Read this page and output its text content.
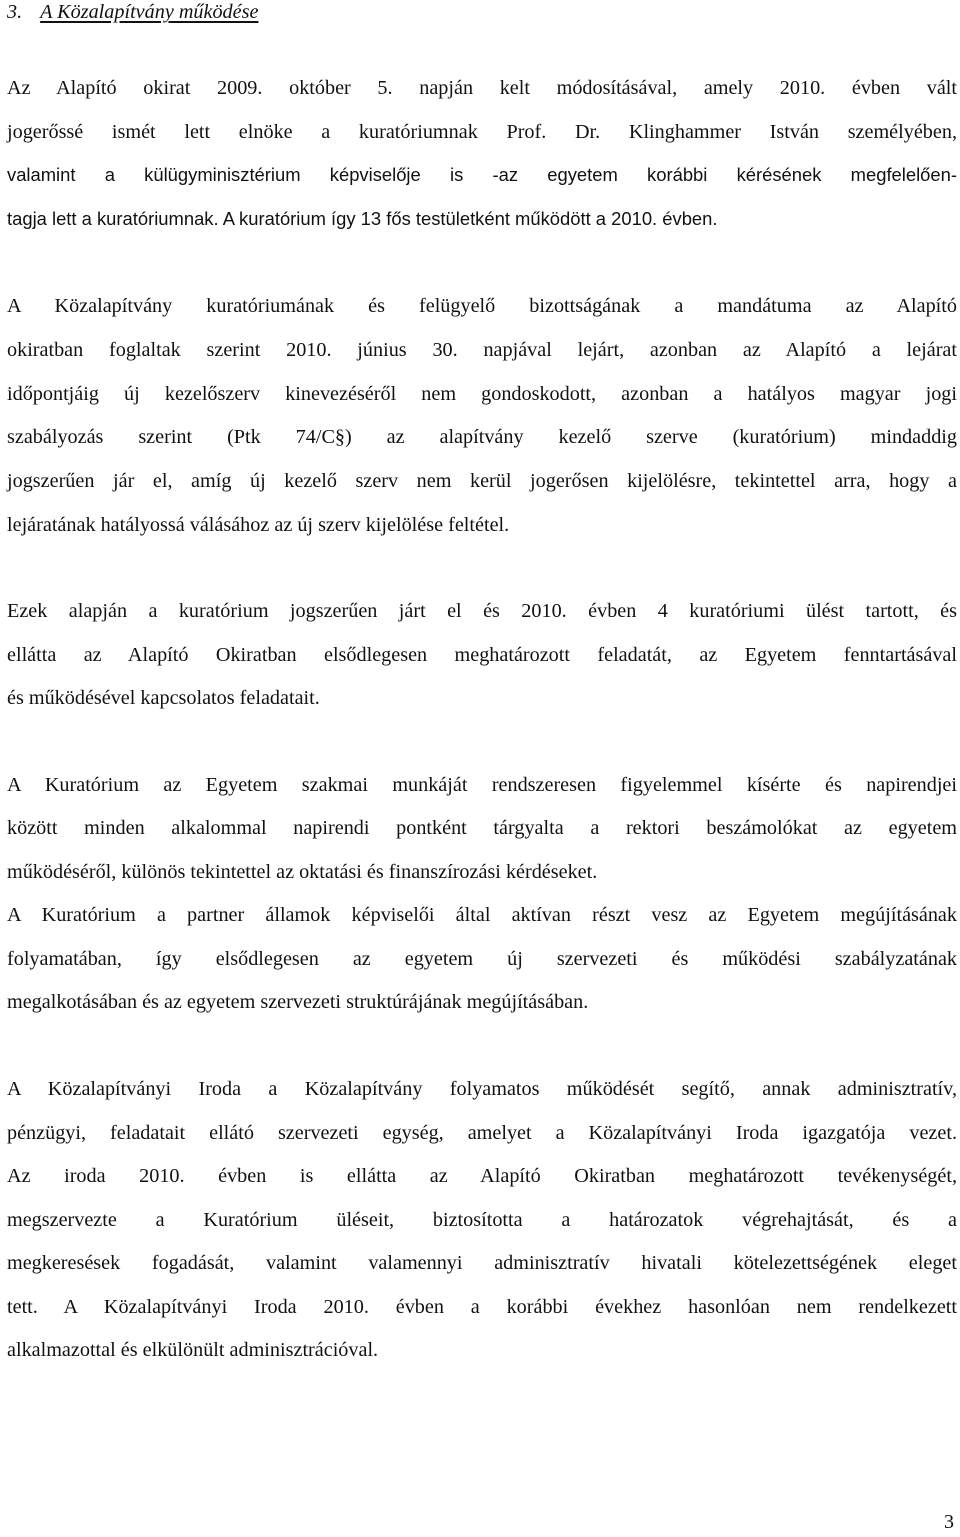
3. A Közalapítvány működése
Az Alapító okirat 2009. október 5. napján kelt módosításával, amely 2010. évben vált
jogerőssé ismét lett elnöke a kuratóriumnak Prof. Dr. Klinghammer István személyében,
valamint a külügyminisztérium képviselője is -az egyetem korábbi kérésének megfelelően-
tagja lett a kuratóriumnak. A kuratórium így 13 fős testületként működött a 2010. évben.
A Közalapítvány kuratóriumának és felügyelő bizottságának a mandátuma az Alapító
okiratban foglaltak szerint 2010. június 30. napjával lejárt, azonban az Alapító a lejárat
időpontjáig új kezelőszerv kinevezéséről nem gondoskodott, azonban a hatályos magyar jogi
szabályozás szerint (Ptk 74/C§) az alapítvány kezelő szerve (kuratórium) mindaddig
jogszerűen jár el, amíg új kezelő szerv nem kerül jogerősen kijelölésre, tekintettel arra, hogy a
lejáratának hatályossá válásához az új szerv kijelölése feltétel.
Ezek alapján a kuratórium jogszerűen járt el és 2010. évben 4 kuratóriumi ülést tartott, és
ellátta az Alapító Okiratban elsődlegesen meghatározott feladatát, az Egyetem fenntartásával
és működésével kapcsolatos feladatait.
A Kuratórium az Egyetem szakmai munkáját rendszeresen figyelemmel kísérte és napirendjei
között minden alkalommal napirendi pontként tárgyalta a rektori beszámolókat az egyetem
működéséről, különös tekintettel az oktatási és finanszírozási kérdéseket.
A Kuratórium a partner államok képviselői által aktívan részt vesz az Egyetem megújításának
folyamatában, így elsődlegesen az egyetem új szervezeti és működési szabályzatának
megalkotásában és az egyetem szervezeti struktúrájának megújításában.
A Közalapítványi Iroda a Közalapítvány folyamatos működését segítő, annak adminisztratív,
pénzügyi, feladatait ellátó szervezeti egység, amelyet a Közalapítványi Iroda igazgatója vezet.
Az iroda 2010. évben is ellátta az Alapító Okiratban meghatározott tevékenységét,
megszervezte a Kuratórium üléseit, biztosította a határozatok végrehajtását, és a
megkeresések fogadását, valamint valamennyi adminisztratív hivatali kötelezettségének eleget
tett. A Közalapítványi Iroda 2010. évben a korábbi évekhez hasonlóan nem rendelkezett
alkalmazottal és elkülönült adminisztrációval.
3
